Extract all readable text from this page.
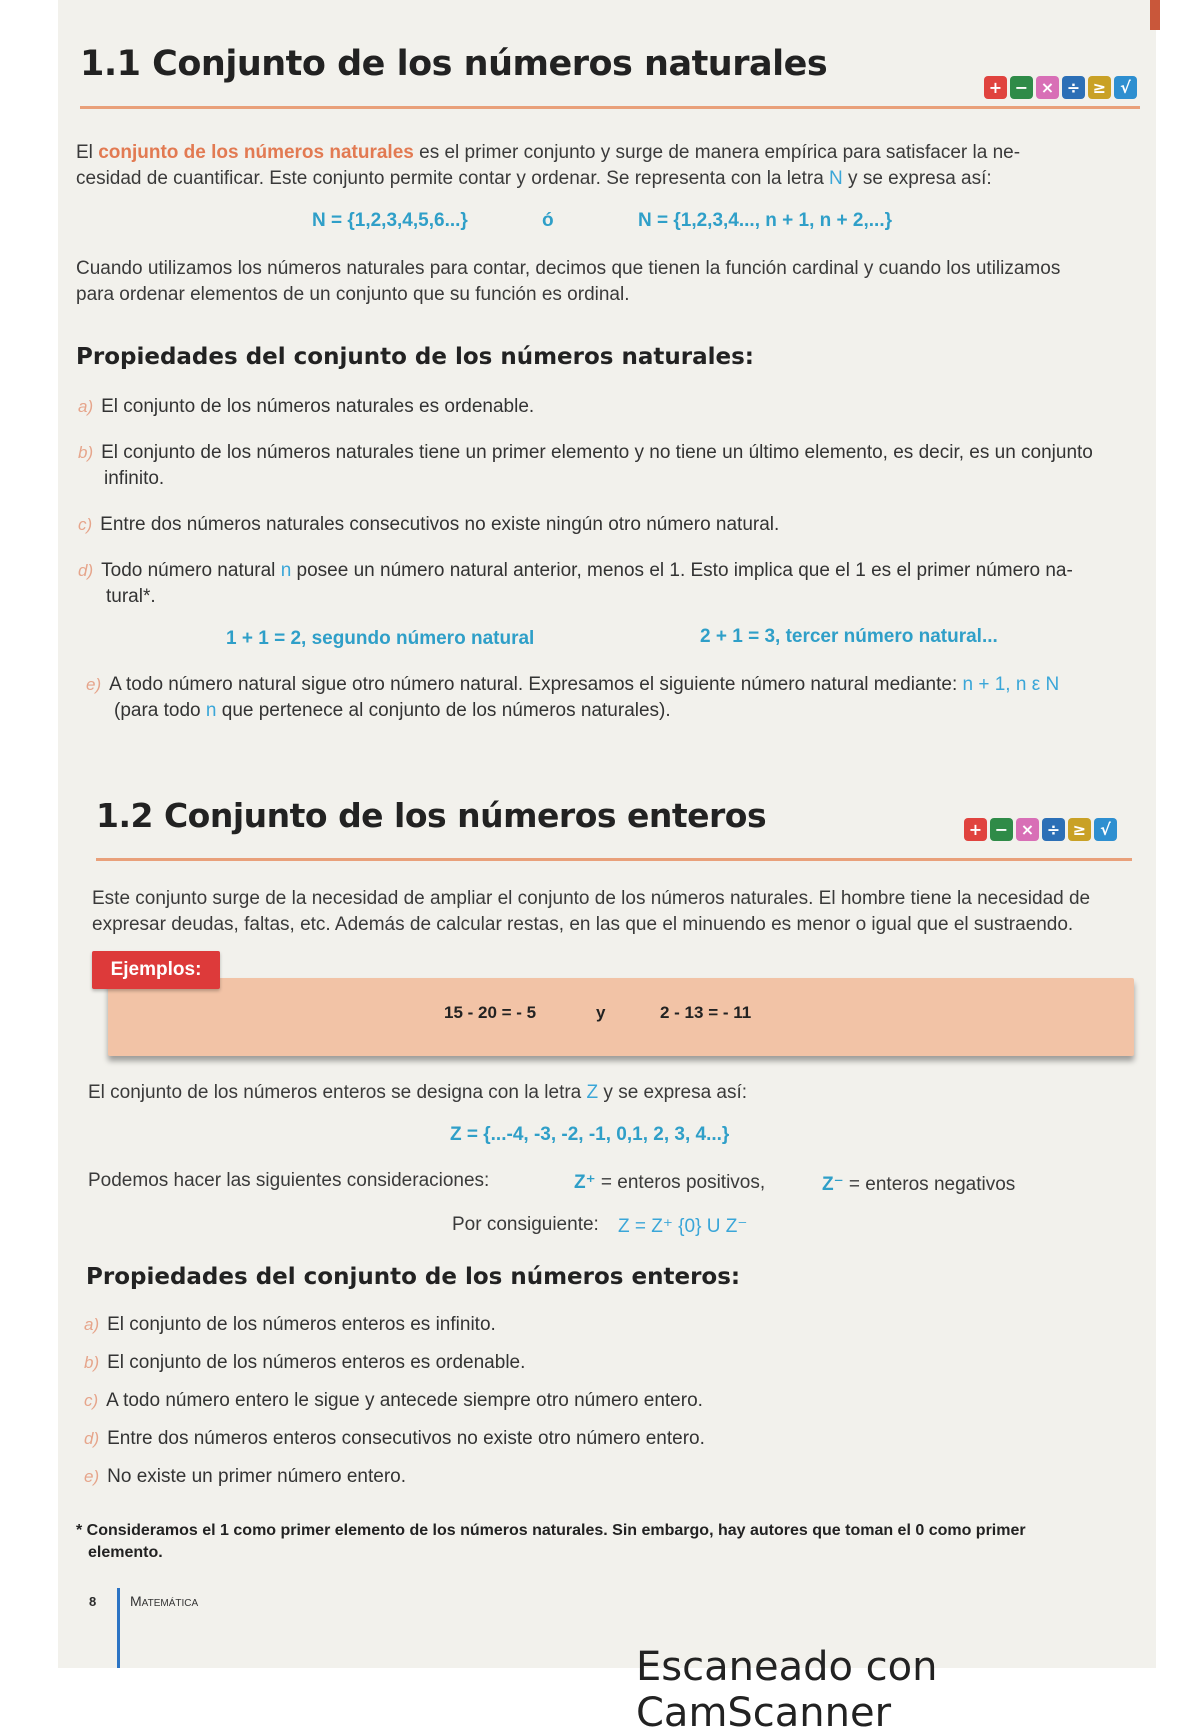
1.1 Conjunto de los números naturales
+ − × ÷ ≥ √

El conjunto de los números naturales es el primer conjunto y surge de manera empírica para satisfacer la ne-

cesidad de cuantificar. Este conjunto permite contar y ordenar. Se representa con la letra N y se expresa así:

N = {1,2,3,4,5,6...}	ó	N = {1,2,3,4..., n + 1, n + 2,...}

Cuando utilizamos los números naturales para contar, decimos que tienen la función cardinal y cuando los utilizamos

para ordenar elementos de un conjunto que su función es ordinal.

Propiedades del conjunto de los números naturales:
a) El conjunto de los números naturales es ordenable.
b) El conjunto de los números naturales tiene un primer elemento y no tiene un último elemento, es decir, es un conjunto
infinito.
c) Entre dos números naturales consecutivos no existe ningún otro número natural.
d) Todo número natural n posee un número natural anterior, menos el 1. Esto implica que el 1 es el primer número na-
tural*.
1 + 1 = 2, segundo número natural	2 + 1 = 3, tercer número natural...
e) A todo número natural sigue otro número natural. Expresamos el siguiente número natural mediante: n + 1, n ε N
(para todo n que pertenece al conjunto de los números naturales).
1.2 Conjunto de los números enteros	+ − × ÷ ≥ √

Este conjunto surge de la necesidad de ampliar el conjunto de los números naturales. El hombre tiene la necesidad de

expresar deudas, faltas, etc. Además de calcular restas, en las que el minuendo es menor o igual que el sustraendo.

Ejemplos:
15 - 20 = - 5	y	2 - 13 = - 11

El conjunto de los números enteros se designa con la letra Z y se expresa así:

Z = {...-4, -3, -2, -1, 0,1, 2, 3, 4...}

Podemos hacer las siguientes consideraciones:	Z⁺ = enteros positivos,	Z⁻ = enteros negativos

Por consiguiente: Z = Z⁺ {0} U Z⁻

Propiedades del conjunto de los números enteros:
a) El conjunto de los números enteros es infinito.
b) El conjunto de los números enteros es ordenable.
c) A todo número entero le sigue y antecede siempre otro número entero.
d) Entre dos números enteros consecutivos no existe otro número entero.
e) No existe un primer número entero.
* Consideramos el 1 como primer elemento de los números naturales. Sin embargo, hay autores que toman el 0 como primer
elemento.
8 Matemática
Escaneado con CamScanner
